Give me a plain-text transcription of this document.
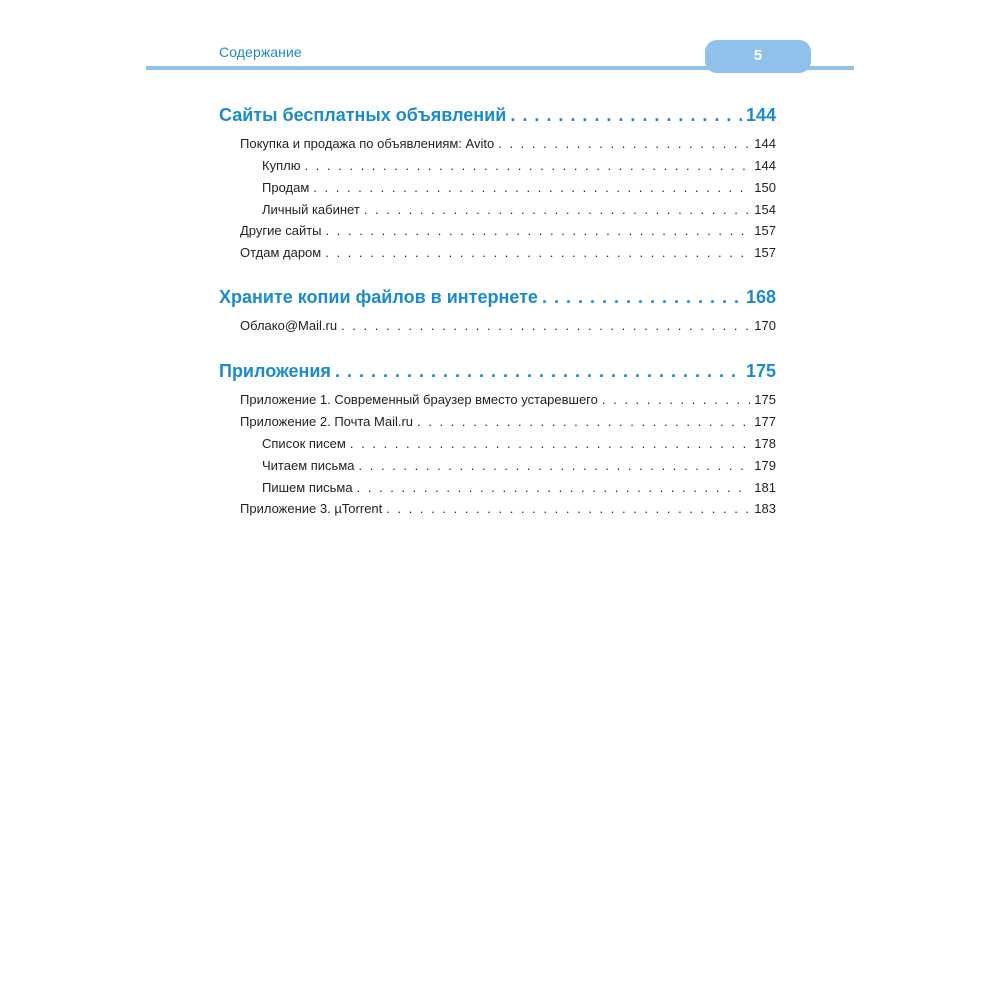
5
Содержание
Сайты бесплатных объявлений . . .	144
Покупка и продажа по объявлениям: Avito . . .	144
Куплю . . .	144
Продам . . .	150
Личный кабинет . . .	154
Другие сайты . . .	157
Отдам даром . . .	157
Храните копии файлов в интернете . . .	168
Облако@Mail.ru . . .	170
Приложения . . .	175
Приложение 1. Современный браузер вместо устаревшего . . .	175
Приложение 2. Почта Mail.ru . . .	177
Список писем . . .	178
Читаем письма . . .	179
Пишем письма . . .	181
Приложение 3. µTorrent . . .	183
